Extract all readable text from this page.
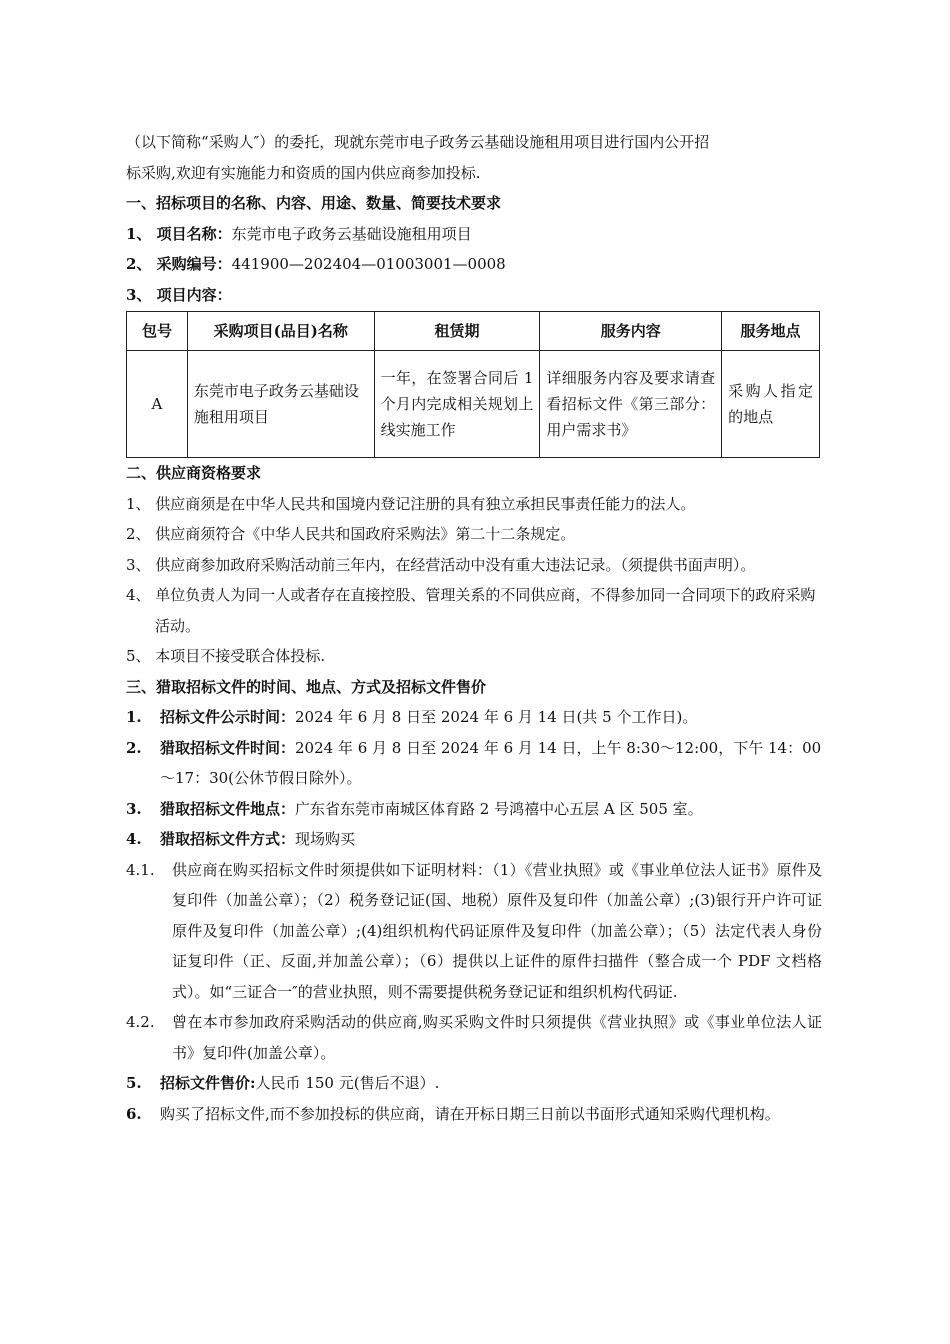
（以下简称“采购人″）的委托，现就东莞市电子政务云基础设施租用项目进行国内公开招

标采购,欢迎有实施能力和资质的国内供应商参加投标.

一、招标项目的名称、内容、用途、数量、简要技术要求

1、 项目名称：东莞市电子政务云基础设施租用项目

2、 采购编号：441900—202404—01003001—0008

3、 项目内容：

包号	采购项目(品目)名称	租赁期	服务内容	服务地点
A	东莞市电子政务云基础设施租用项目	一年，在签署合同后 1 个月内完成相关规划上线实施工作	详细服务内容及要求请查看招标文件《第三部分：用户需求书》	采购人指定的地点

二、供应商资格要求

1、 供应商须是在中华人民共和国境内登记注册的具有独立承担民事责任能力的法人。

2、 供应商须符合《中华人民共和国政府采购法》第二十二条规定。

3、 供应商参加政府采购活动前三年内，在经营活动中没有重大违法记录。（须提供书面声明）。

4、 单位负责人为同一人或者存在直接控股、管理关系的不同供应商，不得参加同一合同项下的政府采购活动。

5、 本项目不接受联合体投标.

三、猎取招标文件的时间、地点、方式及招标文件售价

1.	招标文件公示时间：2024 年 6 月 8 日至 2024 年 6 月 14 日(共 5 个工作日)。
2.	猎取招标文件时间：2024 年 6 月 8 日至 2024 年 6 月 14 日，上午 8:30～12:00，下午 14：00～17：30(公休节假日除外）。
3.	猎取招标文件地点：广东省东莞市南城区体育路 2 号鸿禧中心五层 A 区 505 室。
4.	猎取招标文件方式：现场购买
4.1.	供应商在购买招标文件时须提供如下证明材料：（1）《营业执照》或《事业单位法人证书》原件及复印件（加盖公章）；（2）税务登记证(国、地税）原件及复印件（加盖公章）;(3)银行开户许可证原件及复印件（加盖公章）;(4)组织机构代码证原件及复印件（加盖公章）；（5）法定代表人身份证复印件（正、反面,并加盖公章）；（6）提供以上证件的原件扫描件（整合成一个 PDF 文档格式）。如“三证合一″的营业执照，则不需要提供税务登记证和组织机构代码证.
4.2.	曾在本市参加政府采购活动的供应商,购买采购文件时只须提供《营业执照》或《事业单位法人证书》复印件(加盖公章）。
5.	招标文件售价:人民币 150 元(售后不退）.
6.	购买了招标文件,而不参加投标的供应商，请在开标日期三日前以书面形式通知采购代理机构。
